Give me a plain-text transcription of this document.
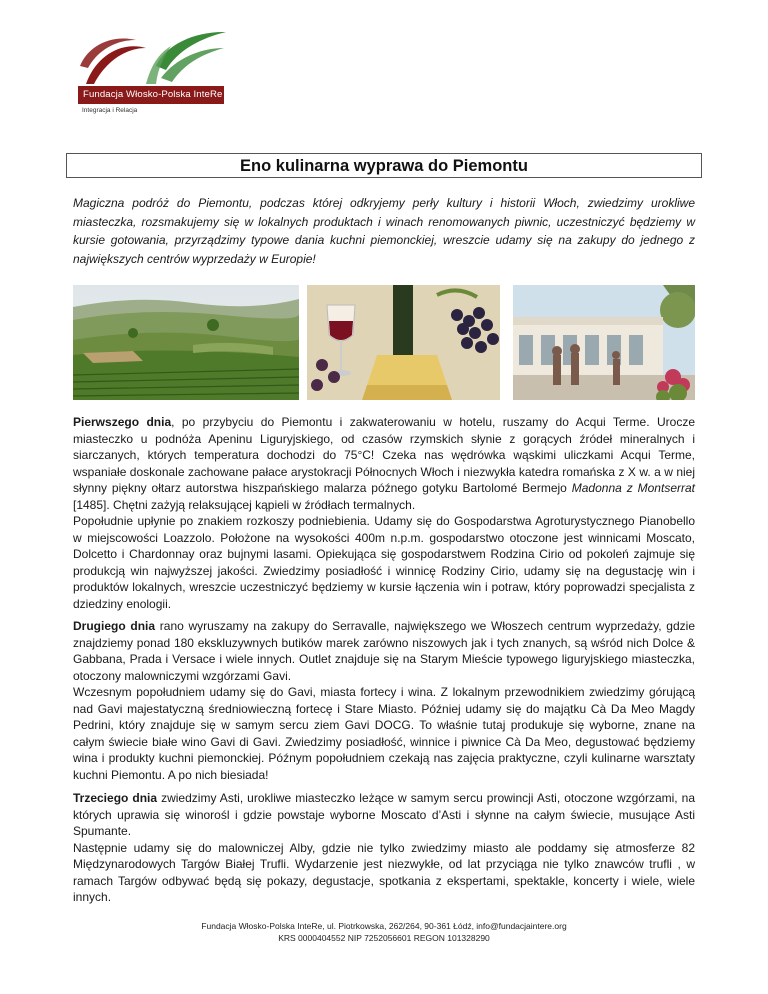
Fundacja Włosko-Polska InteRe
Integracja i Relacja
Eno kulinarna wyprawa do Piemontu

Magiczna podróż do Piemontu, podczas której odkryjemy perły kultury i historii Włoch, zwiedzimy urokliwe miasteczka, rozsmakujemy się w lokalnych produktach i winach renomowanych piwnic, uczestniczyć będziemy w kursie gotowania, przyrządzimy typowe dania kuchni piemonckiej, wreszcie udamy się na zakupy do jednego z największych centrów wyprzedaży w Europie!

Pierwszego dnia, po przybyciu do Piemontu i zakwaterowaniu w hotelu, ruszamy do Acqui Terme. Urocze miasteczko u podnóża Apeninu Liguryjskiego, od czasów rzymskich słynie z gorących źródeł mineralnych i siarczanych, których temperatura dochodzi do 75°C! Czeka nas wędrówka wąskimi uliczkami Acqui Terme, wspaniałe doskonale zachowane pałace arystokracji Północnych Włoch i niezwykła katedra romańska z X w. a w niej słynny piękny ołtarz autorstwa hiszpańskiego malarza późnego gotyku Bartolomé Bermejo Madonna z Montserrat [1485]. Chętni zażyją relaksującej kąpieli w źródłach termalnych.
Popołudnie upłynie po znakiem rozkoszy podniebienia. Udamy się do Gospodarstwa Agroturystycznego Pianobello w miejscowości Loazzolo. Położone na wysokości 400m n.p.m. gospodarstwo otoczone jest winnicami Moscato, Dolcetto i Chardonnay oraz bujnymi lasami. Opiekująca się gospodarstwem Rodzina Cirio od pokoleń zajmuje się produkcją win najwyższej jakości. Zwiedzimy posiadłość i winnicę Rodziny Cirio, udamy się na degustację win i produktów lokalnych, wreszcie uczestniczyć będziemy w kursie łączenia win i potraw, który poprowadzi specjalista z dziedziny enologii.
Drugiego dnia rano wyruszamy na zakupy do Serravalle, największego we Włoszech centrum wyprzedaży, gdzie znajdziemy ponad 180 ekskluzywnych butików marek zarówno niszowych jak i tych znanych, są wśród nich Dolce & Gabbana, Prada i Versace i wiele innych. Outlet znajduje się na Starym Mieście typowego liguryjskiego miasteczka, otoczony malowniczymi wzgórzami Gavi.
Wczesnym popołudniem udamy się do Gavi, miasta fortecy i wina. Z lokalnym przewodnikiem zwiedzimy górującą nad Gavi majestatyczną średniowieczną fortecę i Stare Miasto. Później udamy się do majątku Cà Da Meo Magdy Pedrini, który znajduje się w samym sercu ziem Gavi DOCG. To właśnie tutaj produkuje się wyborne, znane na całym świecie białe wino Gavi di Gavi. Zwiedzimy posiadłość, winnice i piwnice Cà Da Meo, degustować będziemy wina i produkty kuchni piemonckiej. Późnym popołudniem czekają nas zajęcia praktyczne, czyli kulinarne warsztaty kuchni Piemontu. A po nich biesiada!
Trzeciego dnia zwiedzimy Asti, urokliwe miasteczko leżące w samym sercu prowincji Asti, otoczone wzgórzami, na których uprawia się winorośl i gdzie powstaje wyborne Moscato d’Asti i słynne na całym świecie, musujące Asti Spumante.
Następnie udamy się do malowniczej Alby, gdzie nie tylko zwiedzimy miasto ale poddamy się atmosferze 82 Międzynarodowych Targów Białej Trufli. Wydarzenie jest niezwykłe, od lat przyciąga nie tylko znawców trufli , w ramach Targów odbywać będą się pokazy, degustacje, spotkania z ekspertami, spektakle, koncerty i wiele, wiele innych.
Fundacja Włosko-Polska InteRe, ul. Piotrkowska, 262/264, 90-361 Łódź, info@fundacjaintere.org
KRS 0000404552 NIP 7252056601 REGON 101328290
